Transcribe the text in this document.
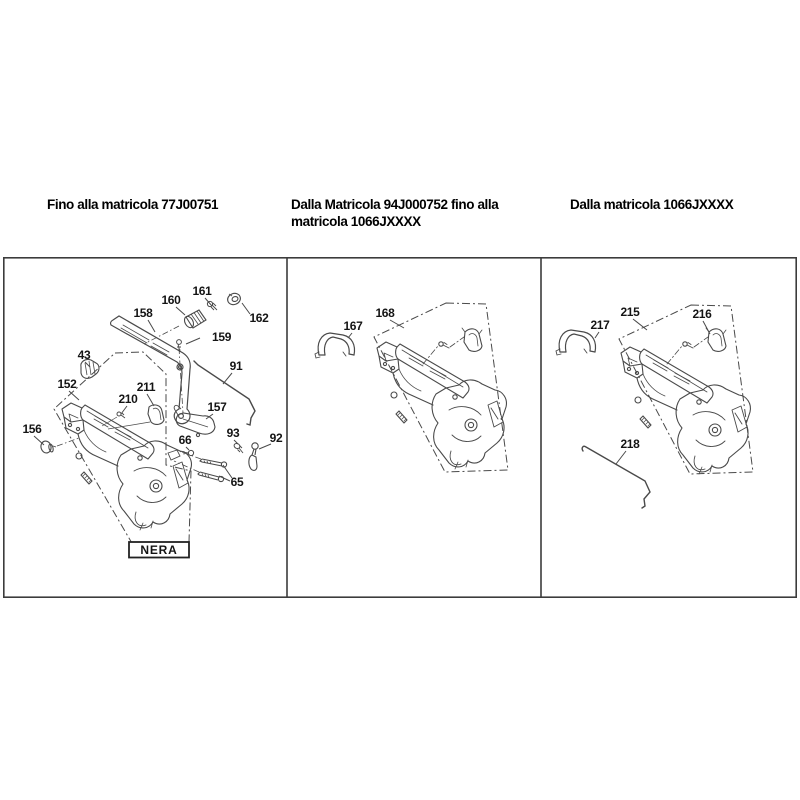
Fino alla matricola 77J00751	Dalla Matricola 94J000752 fino alla matricola 1066JXXXX
Dalla matricola 1066JXXXX
158
160
161
162
159
43
91
152	211
210
157
156
66	93	92
65
NERA
167
168
217
215	216
218
